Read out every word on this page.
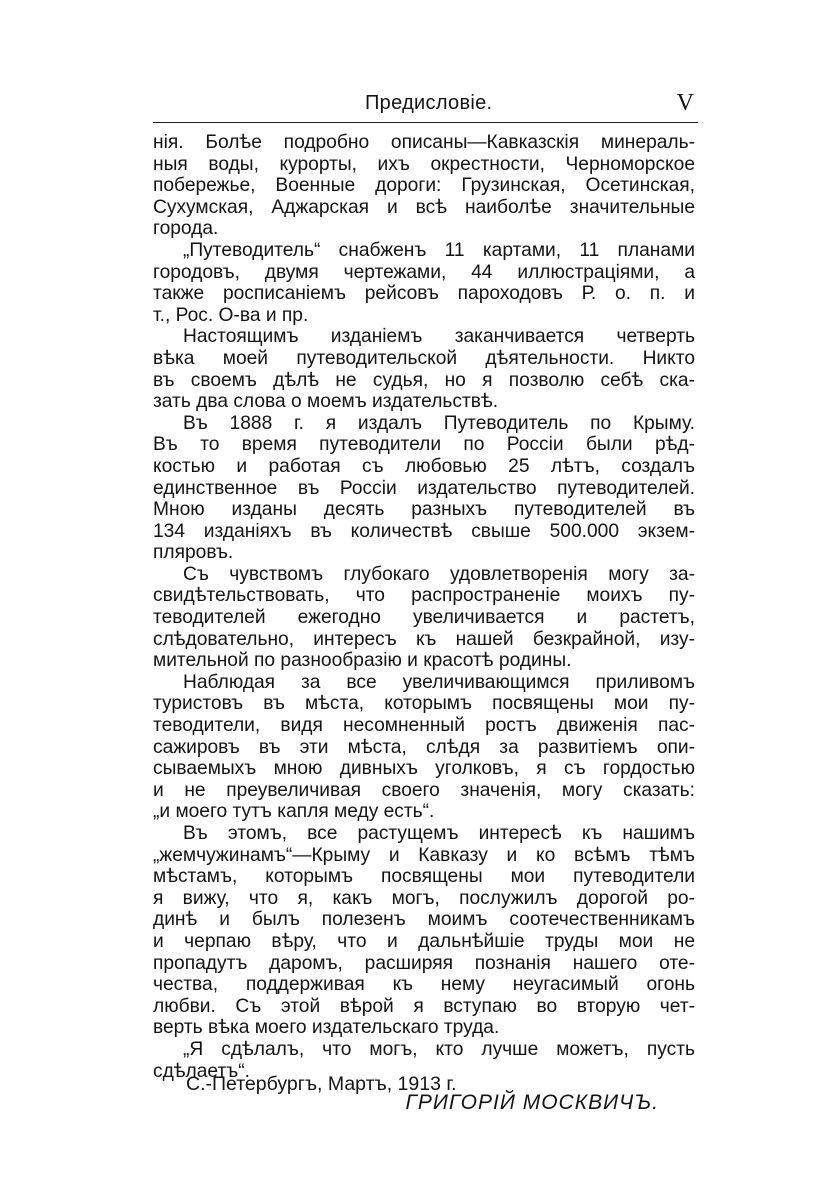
Предисловiе.	V
нія. Болѣе подробно описаны—Кавказскія минераль-
ныя воды, курорты, ихъ окрестности, Черноморское
побережье, Военные дороги: Грузинская, Осетинская,
Сухумская, Аджарская и всѣ наиболѣе значительные
города.
„Путеводитель“ снабженъ 11 картами, 11 планами
городовъ, двумя чертежами, 44 иллюстраціями, а
также росписаніемъ рейсовъ пароходовъ Р. о. п. и
т., Рос. О-ва и пр.
Настоящимъ изданіемъ заканчивается четверть
вѣка моей путеводительской дѣятельности. Никто
въ своемъ дѣлѣ не судья, но я позволю себѣ ска-
зать два слова о моемъ издательствѣ.
Въ 1888 г. я издалъ Путеводитель по Крыму.
Въ то время путеводители по Россіи были рѣд-
костью и работая съ любовью 25 лѣтъ, создалъ
единственное въ Россіи издательство путеводителей.
Мною изданы десять разныхъ путеводителей въ
134 изданіяхъ въ количествѣ свыше 500.000 экзем-
пляровъ.
Съ чувствомъ глубокаго удовлетворенія могу за-
свидѣтельствовать, что распространеніе моихъ пу-
теводителей ежегодно увеличивается и растетъ,
слѣдовательно, интересъ къ нашей безкрайной, изу-
мительной по разнообразію и красотѣ родины.
Наблюдая за все увеличивающимся приливомъ
туристовъ въ мѣста, которымъ посвящены мои пу-
теводители, видя несомненный ростъ движенія пас-
сажировъ въ эти мѣста, слѣдя за развитіемъ опи-
сываемыхъ мною дивныхъ уголковъ, я съ гордостью
и не преувеличивая своего значенія, могу сказать:
„и моего тутъ капля меду есть“.
Въ этомъ, все растущемъ интересѣ къ нашимъ
„жемчужинамъ“—Крыму и Кавказу и ко всѣмъ тѣмъ
мѣстамъ, которымъ посвящены мои путеводители
я вижу, что я, какъ могъ, послужилъ дорогой ро-
динѣ и былъ полезенъ моимъ соотечественникамъ
и черпаю вѣру, что и дальнѣйшіе труды мои не
пропадутъ даромъ, расширяя познанія нашего оте-
чества, поддерживая къ нему неугасимый огонь
любви. Съ этой вѣрой я вступаю во вторую чет-
верть вѣка моего издательскаго труда.
„Я сдѣлалъ, что могъ, кто лучше можетъ, пусть
сдѣлаетъ“.
ГРИГОРIЙ МОСКВИЧЪ.
С.-Петербургъ, Мартъ, 1913 г.
